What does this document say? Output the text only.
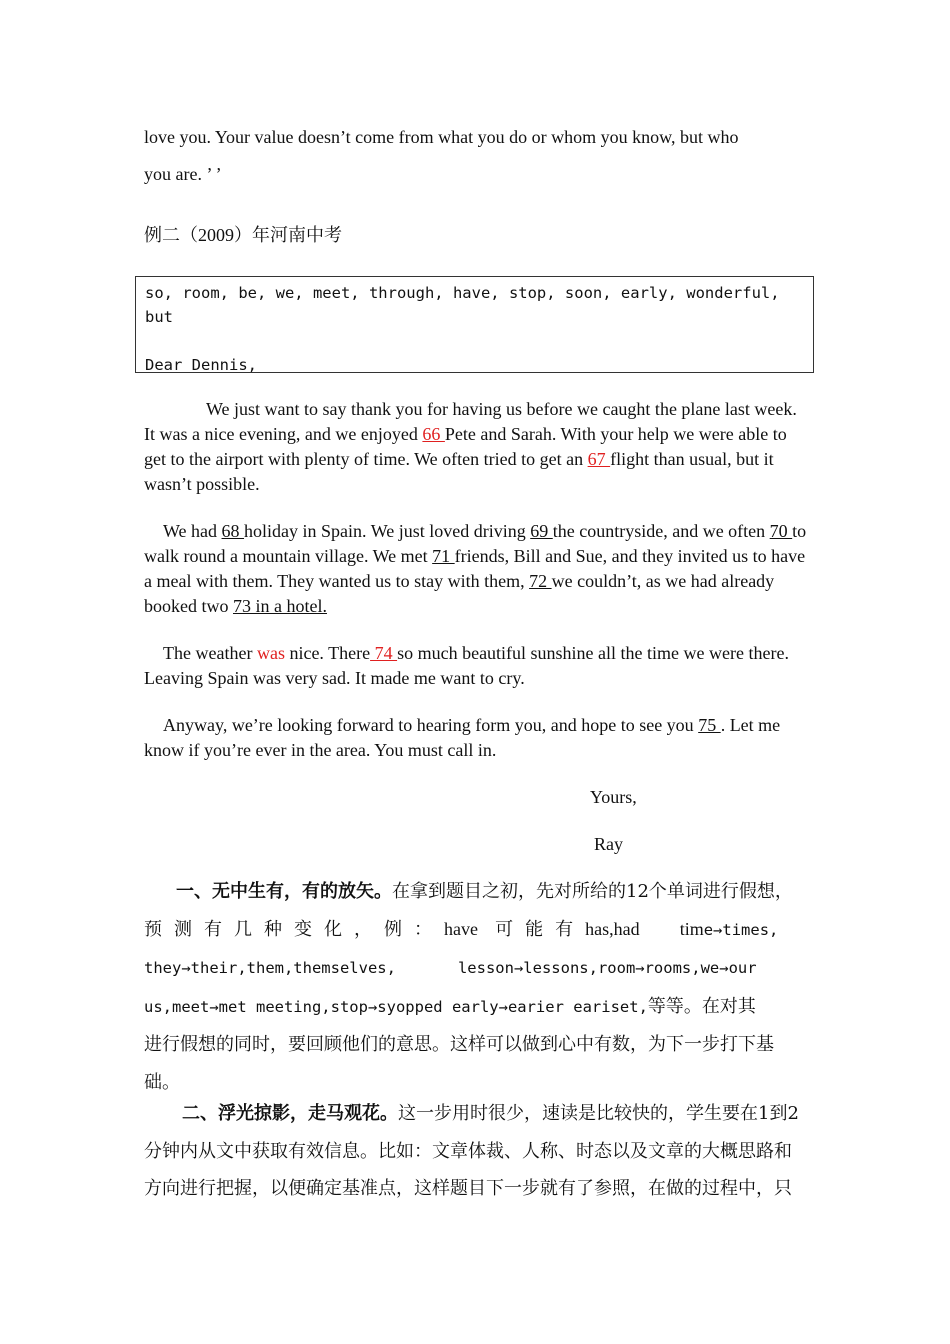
love you. Your value doesn’t come from what you do or whom you know, but who
you are. ’ ’
例二（2009）年河南中考
so, room, be, we, meet, through, have, stop, soon, early, wonderful,
but
Dear Dennis,
We just want to say thank you for having us before we caught the plane last week. It was a nice evening, and we enjoyed 66 Pete and Sarah. With your help we were able to get to the airport with plenty of time. We often tried to get an 67 flight than usual, but it wasn’t possible.
We had 68 holiday in Spain. We just loved driving 69 the countryside, and we often 70 to walk round a mountain village. We met 71 friends, Bill and Sue, and they invited us to have a meal with them. They wanted us to stay with them, 72 we couldn’t, as we had already booked two 73 in a hotel.
The weather was nice. There 74 so much beautiful sunshine all the time we were there. Leaving Spain was very sad. It made me want to cry.
Anyway, we’re looking forward to hearing form you, and hope to see you 75 . Let me know if you’re ever in the area. You must call in.
Yours,
Ray
一、无中生有，有的放矢。在拿到题目之初，先对所给的12个单词进行假想，
预测有几种变化，例：have 可能有has,had time→times,
they→their,them,themselves,	lesson→lessons,room→rooms,we→our
us,meet→met meeting,stop→syopped early→earier eariset,等等。在对其
进行假想的同时，要回顾他们的意思。这样可以做到心中有数，为下一步打下基
础。
二、浮光掠影，走马观花。这一步用时很少，速读是比较快的，学生要在1到2
分钟内从文中获取有效信息。比如：文章体裁、人称、时态以及文章的大概思路和
方向进行把握，以便确定基准点，这样题目下一步就有了参照，在做的过程中，只
